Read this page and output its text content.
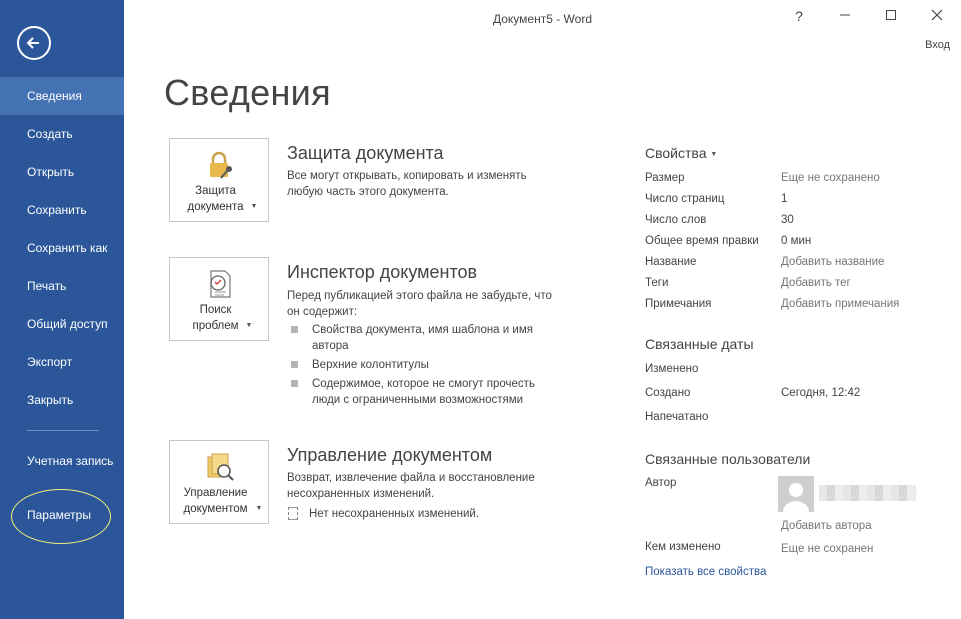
Сведения
Создать
Открыть
Сохранить
Сохранить как
Печать
Общий доступ
Экспорт
Закрыть
Учетная запись
Параметры
Документ5 - Word	?
Вход
Сведения
Защита документа ▼
Защита документа
Все могут открывать, копировать и изменять любую часть этого документа.
Поиск проблем ▼
Инспектор документов
Перед публикацией этого файла не забудьте, что он содержит:
Свойства документа, имя шаблона и имя автора
Верхние колонтитулы
Содержимое, которое не смогут прочесть люди с ограниченными возможностями
Управление документом ▼
Управление документом
Возврат, извлечение файла и восстановление несохраненных изменений.
Нет несохраненных изменений.
Свойства ▼
Размер	Еще не сохранено
Число страниц	1
Число слов	30
Общее время правки 0 мин
Название	Добавить название
Теги	Добавить тег
Примечания	Добавить примечания
Связанные даты
Изменено
Создано	Сегодня, 12:42
Напечатано
Связанные пользователи
Автор
Добавить автора
Кем изменено	Еще не сохранен
Показать все свойства
